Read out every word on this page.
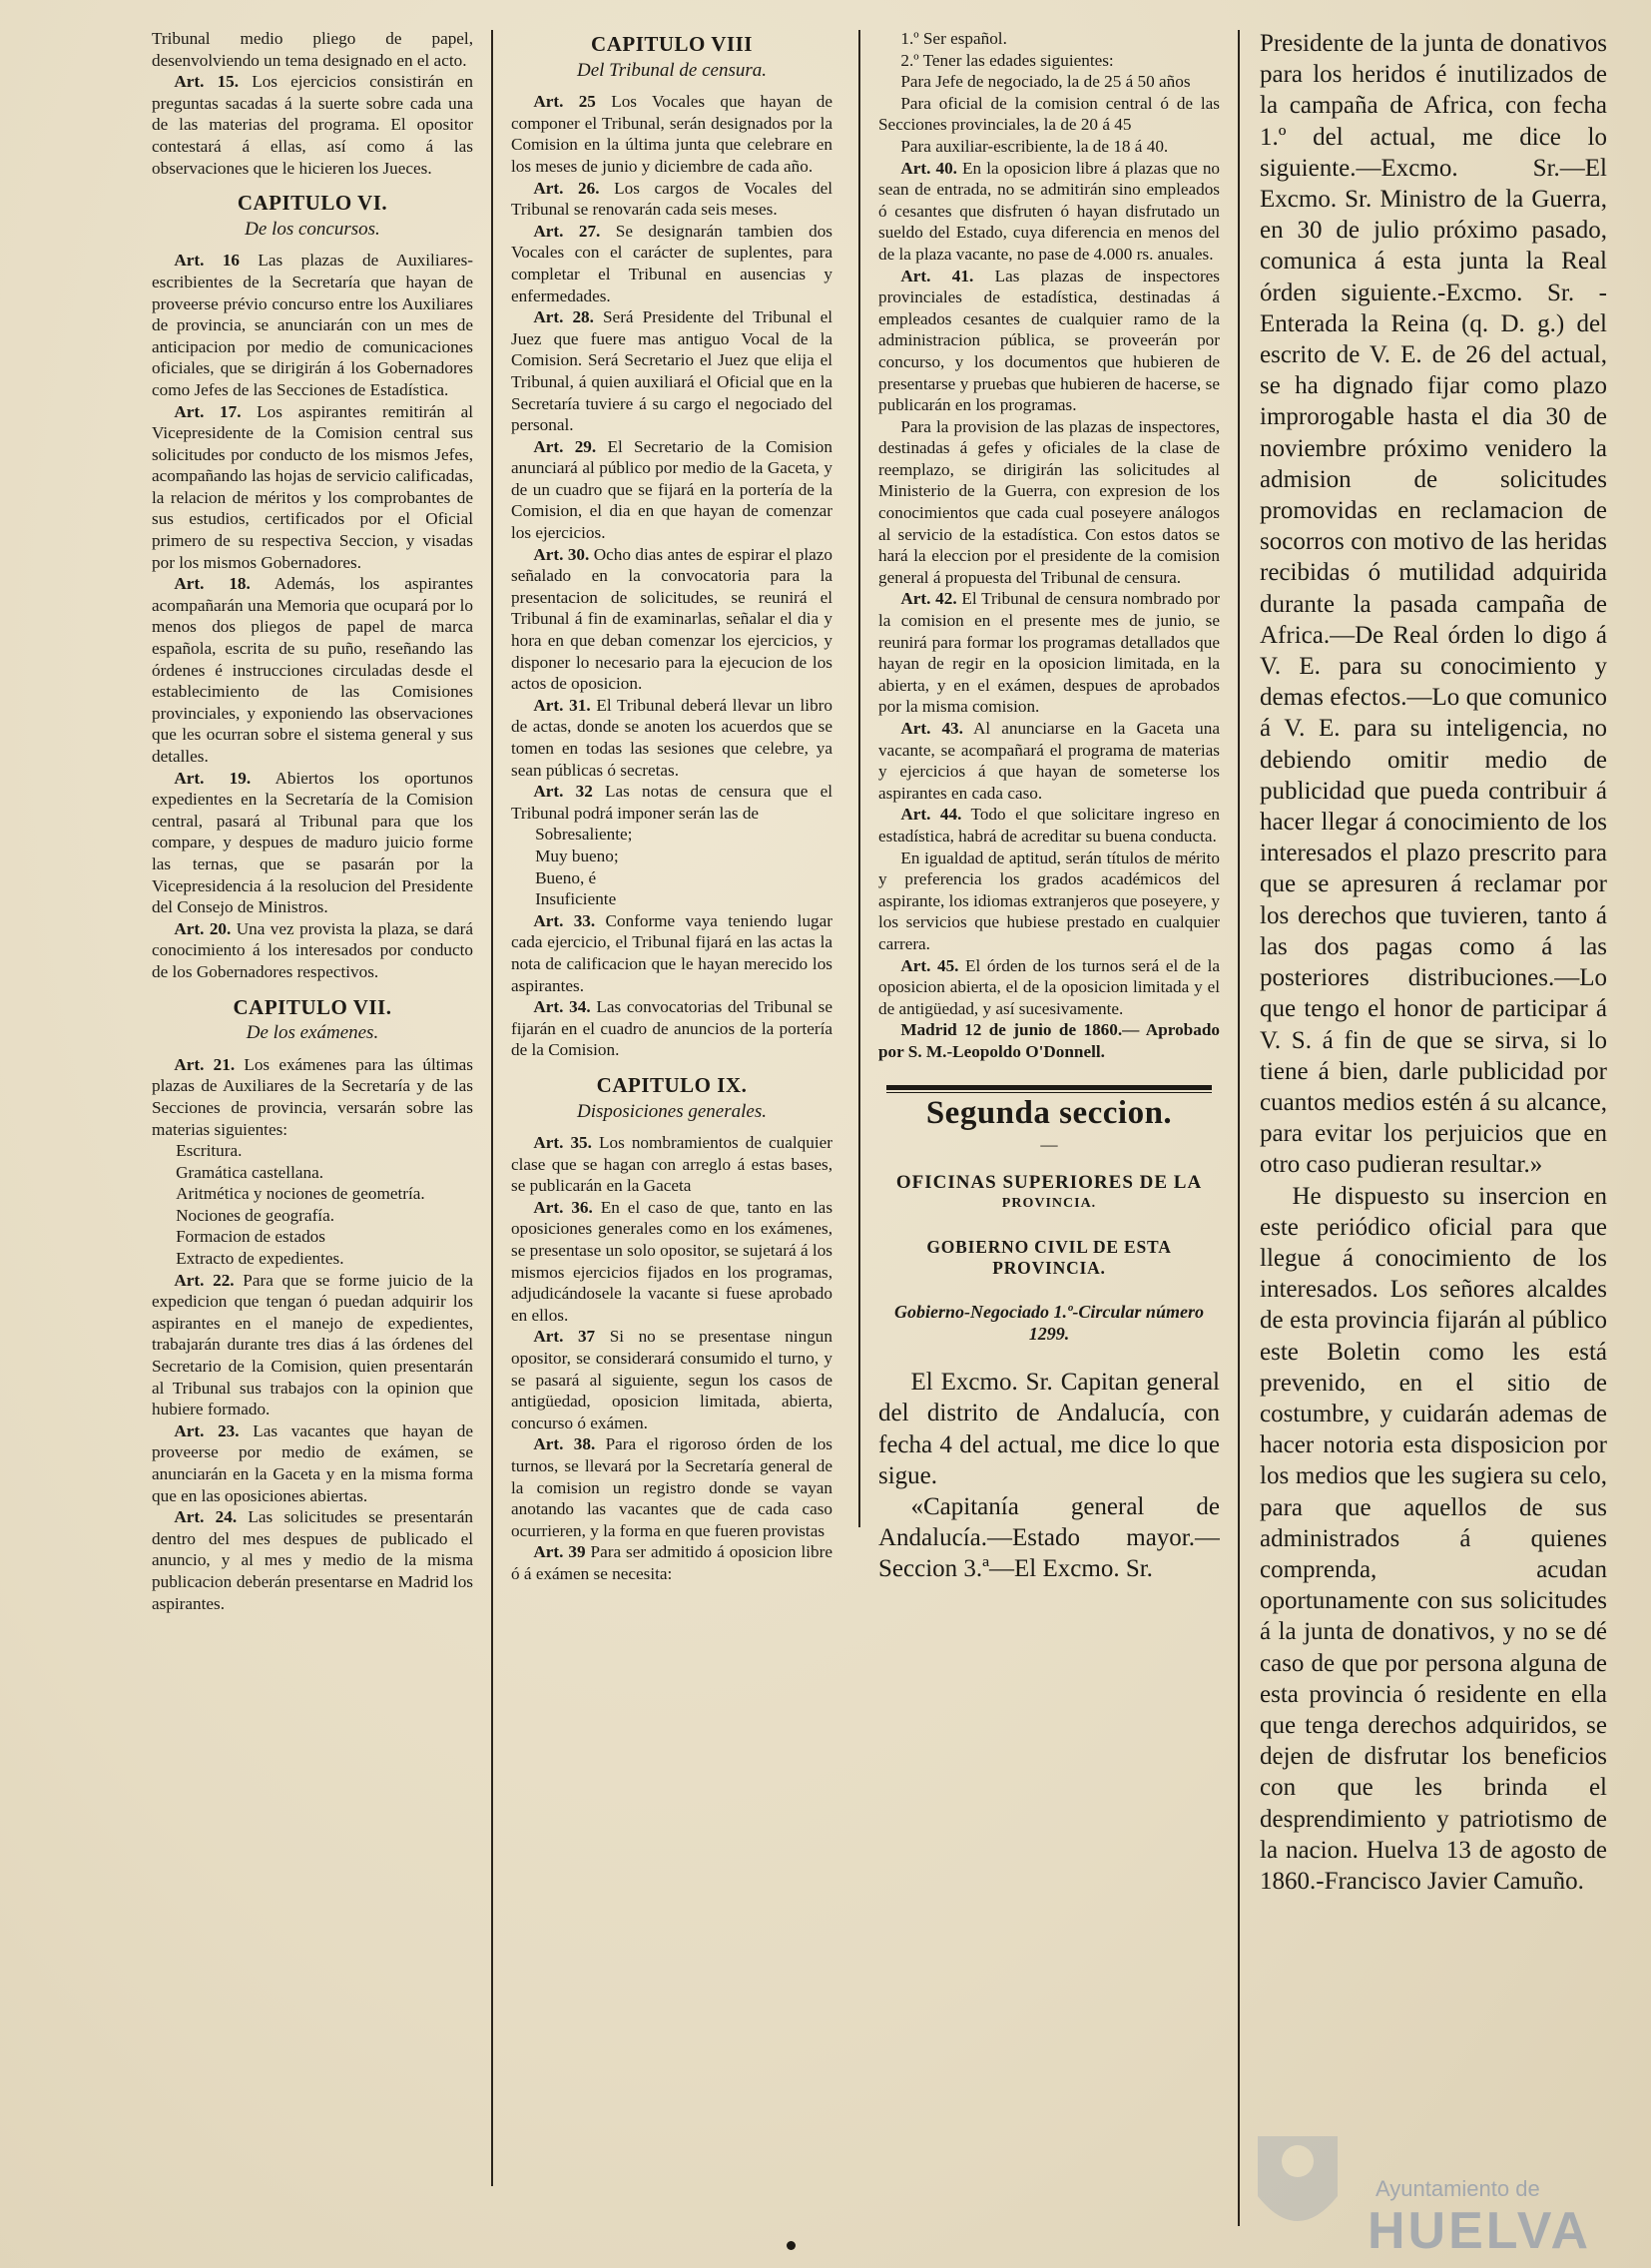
Tribunal medio pliego de papel, desenvolviendo un tema designado en el acto.

Art. 15. Los ejercicios consistirán en preguntas sacadas á la suerte sobre cada una de las materias del programa. El opositor contestará á ellas, así como á las observaciones que le hicieren los Jueces.

CAPITULO VI.

De los concursos.

Art. 16 Las plazas de Auxiliares-escribientes de la Secretaría que hayan de proveerse prévio concurso entre los Auxiliares de provincia, se anunciarán con un mes de anticipacion por medio de comunicaciones oficiales, que se dirigirán á los Gobernadores como Jefes de las Secciones de Estadística.

Art. 17. Los aspirantes remitirán al Vicepresidente de la Comision central sus solicitudes por conducto de los mismos Jefes, acompañando las hojas de servicio calificadas, la relacion de méritos y los comprobantes de sus estudios, certificados por el Oficial primero de su respectiva Seccion, y visadas por los mismos Gobernadores.

Art. 18. Además, los aspirantes acompañarán una Memoria que ocupará por lo menos dos pliegos de papel de marca española, escrita de su puño, reseñando las órdenes é instrucciones circuladas desde el establecimiento de las Comisiones provinciales, y exponiendo las observaciones que les ocurran sobre el sistema general y sus detalles.

Art. 19. Abiertos los oportunos expedientes en la Secretaría de la Comision central, pasará al Tribunal para que los compare, y despues de maduro juicio forme las ternas, que se pasarán por la Vicepresidencia á la resolucion del Presidente del Consejo de Ministros.

Art. 20. Una vez provista la plaza, se dará conocimiento á los interesados por conducto de los Gobernadores respectivos.

CAPITULO VII.

De los exámenes.

Art. 21. Los exámenes para las últimas plazas de Auxiliares de la Secretaría y de las Secciones de provincia, versarán sobre las materias siguientes:

Escritura.

Gramática castellana.

Aritmética y nociones de geometría.

Nociones de geografía.

Formacion de estados

Extracto de expedientes.

Art. 22. Para que se forme juicio de la expedicion que tengan ó puedan adquirir los aspirantes en el manejo de expedientes, trabajarán durante tres dias á las órdenes del Secretario de la Comision, quien presentarán al Tribunal sus trabajos con la opinion que hubiere formado.

Art. 23. Las vacantes que hayan de proveerse por medio de exámen, se anunciarán en la Gaceta y en la misma forma que en las oposiciones abiertas.

Art. 24. Las solicitudes se presentarán dentro del mes despues de publicado el anuncio, y al mes y medio de la misma publicacion deberán presentarse en Madrid los aspirantes.

CAPITULO VIII

Del Tribunal de censura.

Art. 25 Los Vocales que hayan de componer el Tribunal, serán designados por la Comision en la última junta que celebrare en los meses de junio y diciembre de cada año.

Art. 26. Los cargos de Vocales del Tribunal se renovarán cada seis meses.

Art. 27. Se designarán tambien dos Vocales con el carácter de suplentes, para completar el Tribunal en ausencias y enfermedades.

Art. 28. Será Presidente del Tribunal el Juez que fuere mas antiguo Vocal de la Comision. Será Secretario el Juez que elija el Tribunal, á quien auxiliará el Oficial que en la Secretaría tuviere á su cargo el negociado del personal.

Art. 29. El Secretario de la Comision anunciará al público por medio de la Gaceta, y de un cuadro que se fijará en la portería de la Comision, el dia en que hayan de comenzar los ejercicios.

Art. 30. Ocho dias antes de espirar el plazo señalado en la convocatoria para la presentacion de solicitudes, se reunirá el Tribunal á fin de examinarlas, señalar el dia y hora en que deban comenzar los ejercicios, y disponer lo necesario para la ejecucion de los actos de oposicion.

Art. 31. El Tribunal deberá llevar un libro de actas, donde se anoten los acuerdos que se tomen en todas las sesiones que celebre, ya sean públicas ó secretas.

Art. 32 Las notas de censura que el Tribunal podrá imponer serán las de

Sobresaliente;

Muy bueno;

Bueno, é

Insuficiente

Art. 33. Conforme vaya teniendo lugar cada ejercicio, el Tribunal fijará en las actas la nota de calificacion que le hayan merecido los aspirantes.

Art. 34. Las convocatorias del Tribunal se fijarán en el cuadro de anuncios de la portería de la Comision.

CAPITULO IX.

Disposiciones generales.

Art. 35. Los nombramientos de cualquier clase que se hagan con arreglo á estas bases, se publicarán en la Gaceta

Art. 36. En el caso de que, tanto en las oposiciones generales como en los exámenes, se presentase un solo opositor, se sujetará á los mismos ejercicios fijados en los programas, adjudicándosele la vacante si fuese aprobado en ellos.

Art. 37 Si no se presentase ningun opositor, se considerará consumido el turno, y se pasará al siguiente, segun los casos de antigüedad, oposicion limitada, abierta, concurso ó exámen.

Art. 38. Para el rigoroso órden de los turnos, se llevará por la Secretaría general de la comision un registro donde se vayan anotando las vacantes que de cada caso ocurrieren, y la forma en que fueren provistas

Art. 39 Para ser admitido á oposicion libre ó á exámen se necesita:

1.º Ser español.

2.º Tener las edades siguientes:

Para Jefe de negociado, la de 25 á 50 años

Para oficial de la comision central ó de las Secciones provinciales, la de 20 á 45

Para auxiliar-escribiente, la de 18 á 40.

Art. 40. En la oposicion libre á plazas que no sean de entrada, no se admitirán sino empleados ó cesantes que disfruten ó hayan disfrutado un sueldo del Estado, cuya diferencia en menos del de la plaza vacante, no pase de 4.000 rs. anuales.

Art. 41. Las plazas de inspectores provinciales de estadística, destinadas á empleados cesantes de cualquier ramo de la administracion pública, se proveerán por concurso, y los documentos que hubieren de presentarse y pruebas que hubieren de hacerse, se publicarán en los programas.

Para la provision de las plazas de inspectores, destinadas á gefes y oficiales de la clase de reemplazo, se dirigirán las solicitudes al Ministerio de la Guerra, con expresion de los conocimientos que cada cual poseyere análogos al servicio de la estadística. Con estos datos se hará la eleccion por el presidente de la comision general á propuesta del Tribunal de censura.

Art. 42. El Tribunal de censura nombrado por la comision en el presente mes de junio, se reunirá para formar los programas detallados que hayan de regir en la oposicion limitada, en la abierta, y en el exámen, despues de aprobados por la misma comision.

Art. 43. Al anunciarse en la Gaceta una vacante, se acompañará el programa de materias y ejercicios á que hayan de someterse los aspirantes en cada caso.

Art. 44. Todo el que solicitare ingreso en estadística, habrá de acreditar su buena conducta.

En igualdad de aptitud, serán títulos de mérito y preferencia los grados académicos del aspirante, los idiomas extranjeros que poseyere, y los servicios que hubiese prestado en cualquier carrera.

Art. 45. El órden de los turnos será el de la oposicion abierta, el de la oposicion limitada y el de antigüedad, y así sucesivamente.

Madrid 12 de junio de 1860.— Aprobado por S. M.-Leopoldo O'Donnell.

Segunda seccion.

—

OFICINAS SUPERIORES DE LA

PROVINCIA.

GOBIERNO CIVIL DE ESTA PROVINCIA.

Gobierno-Negociado 1.º-Circular número 1299.

El Excmo. Sr. Capitan general del distrito de Andalucía, con fecha 4 del actual, me dice lo que sigue.

«Capitanía general de Andalucía.—Estado mayor.—Seccion 3.ª—El Excmo. Sr.

Presidente de la junta de donativos para los heridos é inutilizados de la campaña de Africa, con fecha 1.º del actual, me dice lo siguiente.—Excmo. Sr.—El Excmo. Sr. Ministro de la Guerra, en 30 de julio próximo pasado, comunica á esta junta la Real órden siguiente.-Excmo. Sr. -Enterada la Reina (q. D. g.) del escrito de V. E. de 26 del actual, se ha dignado fijar como plazo improrogable hasta el dia 30 de noviembre próximo venidero la admision de solicitudes promovidas en reclamacion de socorros con motivo de las heridas recibidas ó mutilidad adquirida durante la pasada campaña de Africa.—De Real órden lo digo á V. E. para su conocimiento y demas efectos.—Lo que comunico á V. E. para su inteligencia, no debiendo omitir medio de publicidad que pueda contribuir á hacer llegar á conocimiento de los interesados el plazo prescrito para que se apresuren á reclamar por los derechos que tuvieren, tanto á las dos pagas como á las posteriores distribuciones.—Lo que tengo el honor de participar á V. S. á fin de que se sirva, si lo tiene á bien, darle publicidad por cuantos medios estén á su alcance, para evitar los perjuicios que en otro caso pudieran resultar.»

He dispuesto su insercion en este periódico oficial para que llegue á conocimiento de los interesados. Los señores alcaldes de esta provincia fijarán al público este Boletin como les está prevenido, en el sitio de costumbre, y cuidarán ademas de hacer notoria esta disposicion por los medios que les sugiera su celo, para que aquellos de sus administrados á quienes comprenda, acudan oportunamente con sus solicitudes á la junta de donativos, y no se dé caso de que por persona alguna de esta provincia ó residente en ella que tenga derechos adquiridos, se dejen de disfrutar los beneficios con que les brinda el desprendimiento y patriotismo de la nacion. Huelva 13 de agosto de 1860.-Francisco Javier Camuño.

Ayuntamiento de
HUELVA
